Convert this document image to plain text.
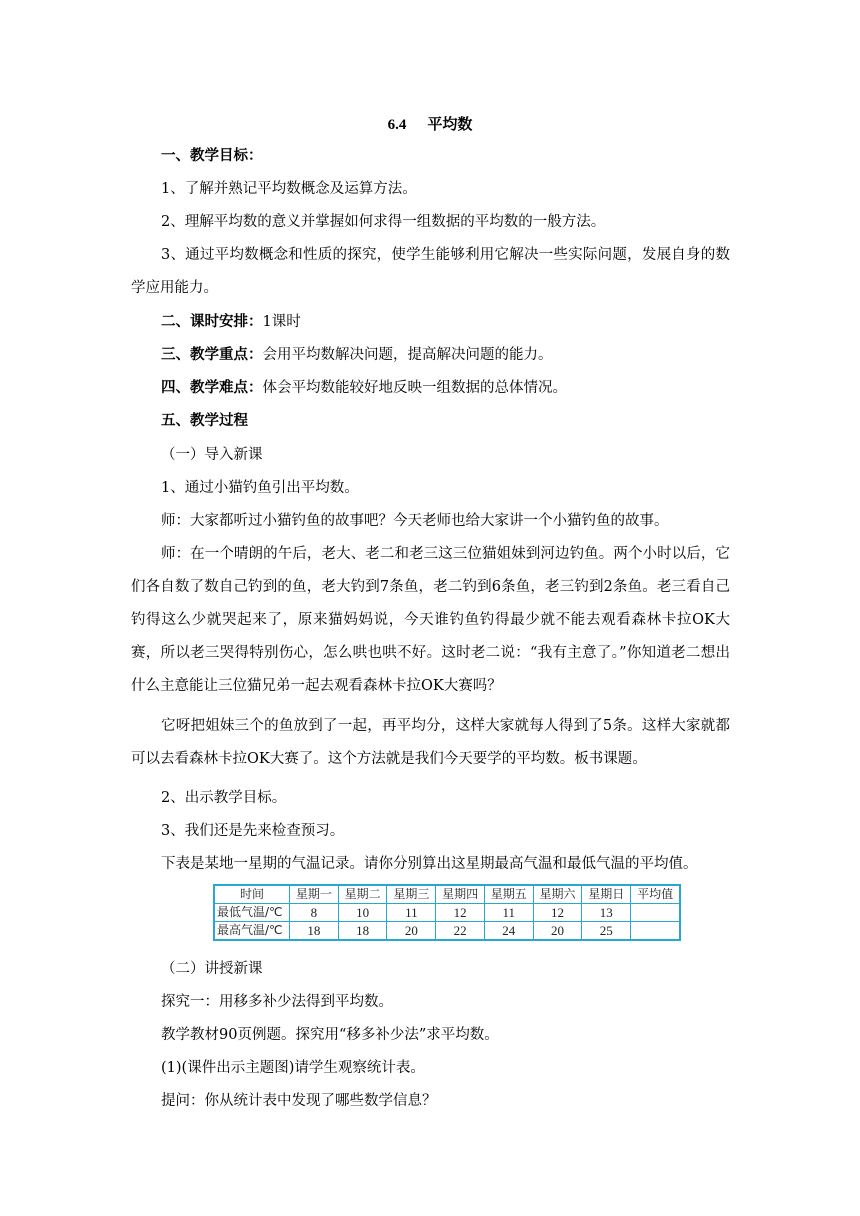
6.4 平均数

一、教学目标：

1、了解并熟记平均数概念及运算方法。

2、理解平均数的意义并掌握如何求得一组数据的平均数的一般方法。

3、通过平均数概念和性质的探究，使学生能够利用它解决一些实际问题，发展自身的数学应用能力。

二、课时安排：1课时

三、教学重点：会用平均数解决问题，提高解决问题的能力。

四、教学难点：体会平均数能较好地反映一组数据的总体情况。

五、教学过程

（一）导入新课

1、通过小猫钓鱼引出平均数。

师：大家都听过小猫钓鱼的故事吧？今天老师也给大家讲一个小猫钓鱼的故事。

师：在一个晴朗的午后，老大、老二和老三这三位猫姐妹到河边钓鱼。两个小时以后，它们各自数了数自己钓到的鱼，老大钓到7条鱼，老二钓到6条鱼，老三钓到2条鱼。老三看自己钓得这么少就哭起来了，原来猫妈妈说，今天谁钓鱼钓得最少就不能去观看森林卡拉OK大赛，所以老三哭得特别伤心，怎么哄也哄不好。这时老二说：“我有主意了。”你知道老二想出什么主意能让三位猫兄弟一起去观看森林卡拉OK大赛吗？

它呀把姐妹三个的鱼放到了一起，再平均分，这样大家就每人得到了5条。这样大家就都可以去看森林卡拉OK大赛了。这个方法就是我们今天要学的平均数。板书课题。

2、出示教学目标。

3、我们还是先来检查预习。

下表是某地一星期的气温记录。请你分别算出这星期最高气温和最低气温的平均值。

时间	星期一	星期二	星期三	星期四	星期五	星期六	星期日	平均值
最低气温/℃	8	10	11	12	11	12	13	
最高气温/℃	18	18	20	22	24	20	25	

（二）讲授新课

探究一：用移多补少法得到平均数。

教学教材90页例题。探究用“移多补少法”求平均数。

(1)(课件出示主题图)请学生观察统计表。

提问：你从统计表中发现了哪些数学信息？
